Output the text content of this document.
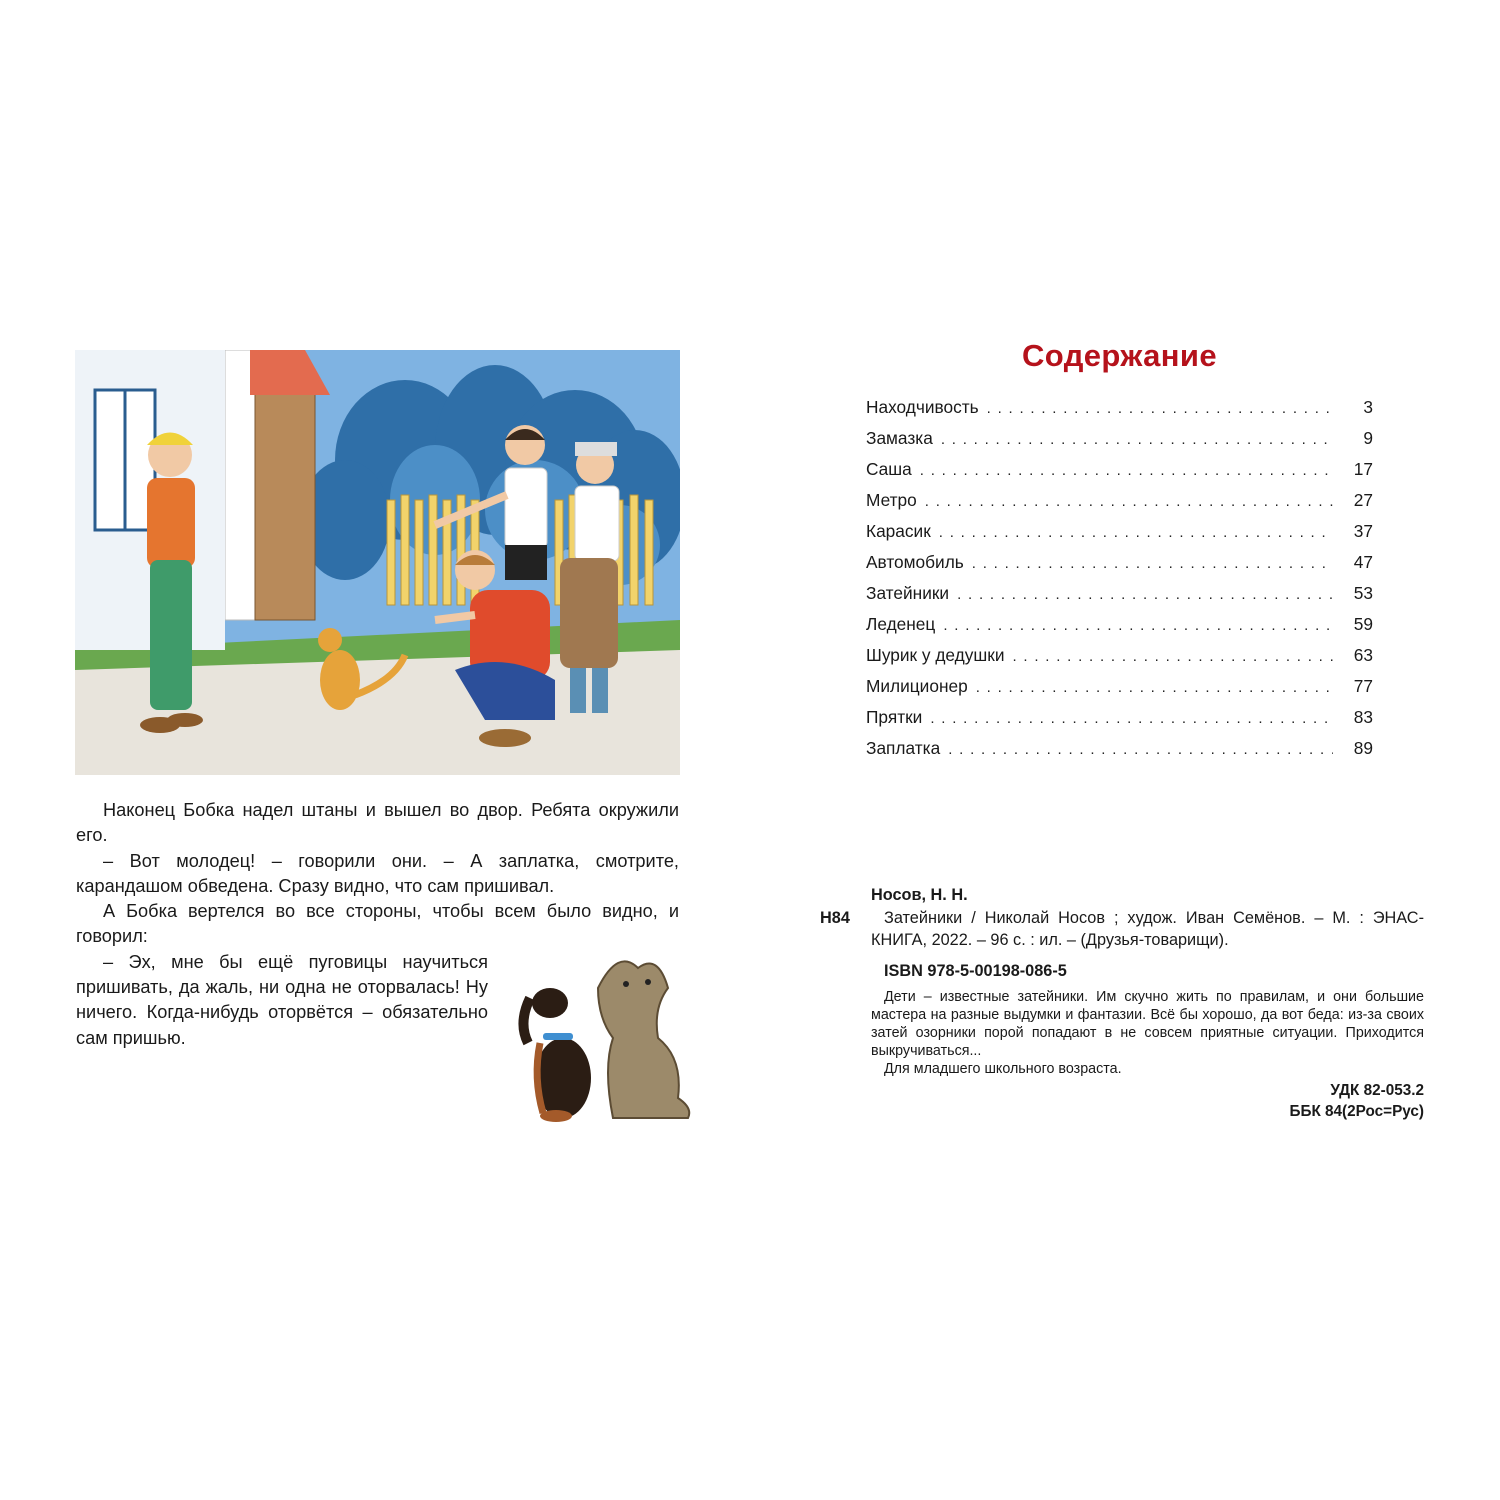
Наконец Бобка надел штаны и вышел во двор. Ребята окружили его.

– Вот молодец! – говорили они. – А заплатка, смотрите, карандашом обведена. Сразу видно, что сам пришивал.

А Бобка вертелся во все стороны, чтобы всем было видно, и говорил:

– Эх, мне бы ещё пуговицы научиться пришивать, да жаль, ни одна не оторвалась! Ну ничего. Когда-нибудь оторвётся – обязательно сам пришью.

Содержание
Находчивость . . .	3
Замазка . . .	9
Саша . . .	17
Метро . . .	27
Карасик . . .	37
Автомобиль . . .	47
Затейники . . .	53
Леденец . . .	59
Шурик у дедушки . . .	63
Милиционер . . .	77
Прятки . . .	83
Заплатка . . .	89
Носов, Н. Н.
Н84	Затейники / Николай Носов ; худож. Иван Семёнов. – М. : ЭНАС-КНИГА, 2022. – 96 с. : ил. – (Друзья-товарищи).
ISBN 978-5-00198-086-5

Дети – известные затейники. Им скучно жить по правилам, и они большие мастера на разные выдумки и фантазии. Всё бы хорошо, да вот беда: из-за своих затей озорники порой попадают в не совсем приятные ситуации. Приходится выкручиваться...

Для младшего школьного возраста.
УДК 82-053.2
ББК 84(2Рос=Рус)
